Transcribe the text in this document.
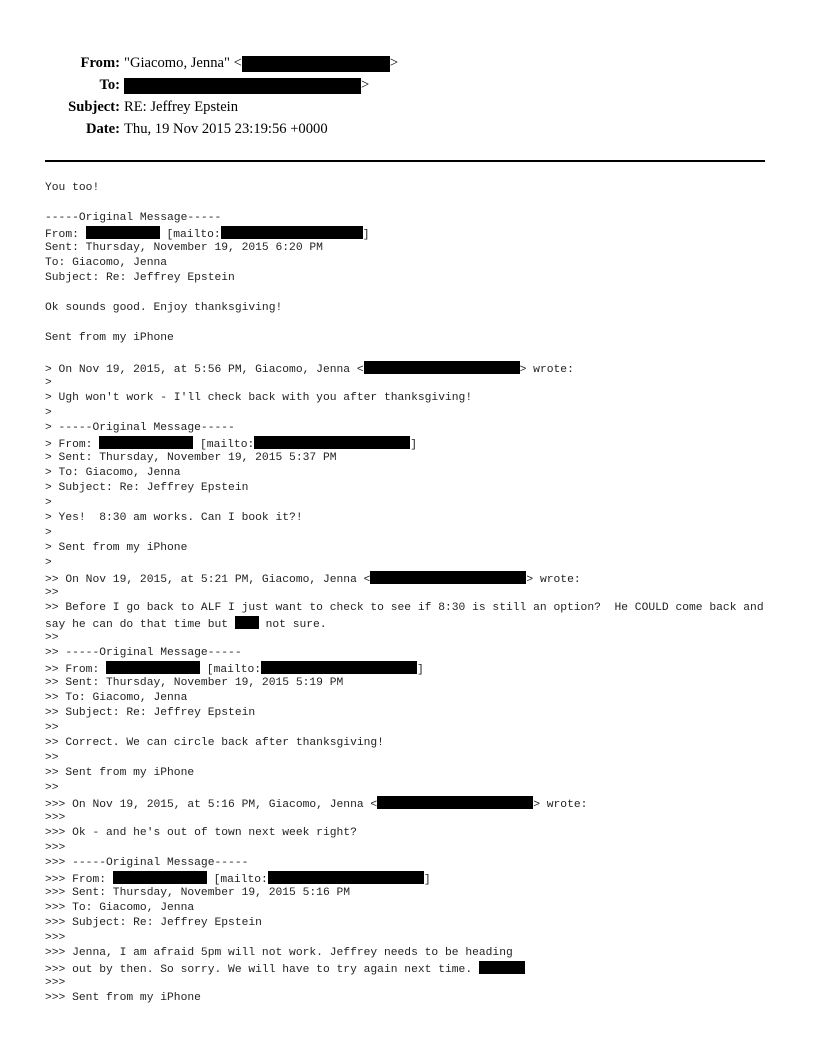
From: "Giacomo, Jenna" <	>
To:	>
Subject: RE: Jeffrey Epstein
Date: Thu, 19 Nov 2015 23:19:56 +0000
You too!
-----Original Message-----
From:	[mailto:	]
Sent: Thursday, November 19, 2015 6:20 PM
To: Giacomo, Jenna
Subject: Re: Jeffrey Epstein
Ok sounds good. Enjoy thanksgiving!
Sent from my iPhone
> On Nov 19, 2015, at 5:56 PM, Giacomo, Jenna <	> wrote:
>
> Ugh won't work - I'll check back with you after thanksgiving!
>
> -----Original Message-----
> From:	[mailto:	]
> Sent: Thursday, November 19, 2015 5:37 PM
> To: Giacomo, Jenna
> Subject: Re: Jeffrey Epstein
>
> Yes!  8:30 am works. Can I book it?!
>
> Sent from my iPhone
>
>> On Nov 19, 2015, at 5:21 PM, Giacomo, Jenna <	> wrote:
>>
>> Before I go back to ALF I just want to check to see if 8:30 is still an option?  He COULD come back and say he can do that time but  not sure.
>>
>> -----Original Message-----
>> From:	[mailto:	]
>> Sent: Thursday, November 19, 2015 5:19 PM
>> To: Giacomo, Jenna
>> Subject: Re: Jeffrey Epstein
>>
>> Correct. We can circle back after thanksgiving!
>>
>> Sent from my iPhone
>>
>>> On Nov 19, 2015, at 5:16 PM, Giacomo, Jenna <	> wrote:
>>>
>>> Ok - and he's out of town next week right?
>>>
>>> -----Original Message-----
>>> From:	[mailto:	]
>>> Sent: Thursday, November 19, 2015 5:16 PM
>>> To: Giacomo, Jenna
>>> Subject: Re: Jeffrey Epstein
>>>
>>> Jenna, I am afraid 5pm will not work. Jeffrey needs to be heading
>>> out by then. So sorry. We will have to try again next time.
>>>
>>> Sent from my iPhone
